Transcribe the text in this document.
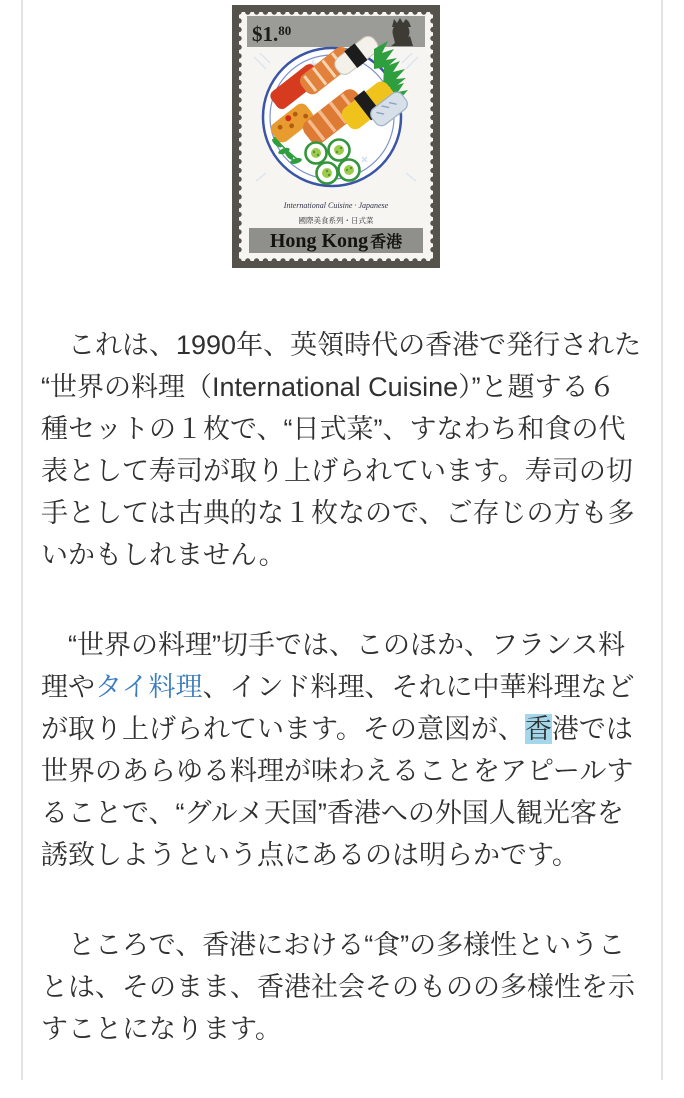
$1.80
International Cuisine · Japanese
國際美食系列・日式菜
Hong Kong 香港
　これは、1990年、英領時代の香港で発行された
“世界の料理（International Cuisine）”と題する６
種セットの１枚で、“日式菜”、すなわち和食の代
表として寿司が取り上げられています。寿司の切
手としては古典的な１枚なので、ご存じの方も多
いかもしれません。
　“世界の料理”切手では、このほか、フランス料
理やタイ料理、インド料理、それに中華料理など
が取り上げられています。その意図が、香港では
世界のあらゆる料理が味わえることをアピールす
ることで、“グルメ天国”香港への外国人観光客を
誘致しようという点にあるのは明らかです。
　ところで、香港における“食”の多様性というこ
とは、そのまま、香港社会そのものの多様性を示
すことになります。
